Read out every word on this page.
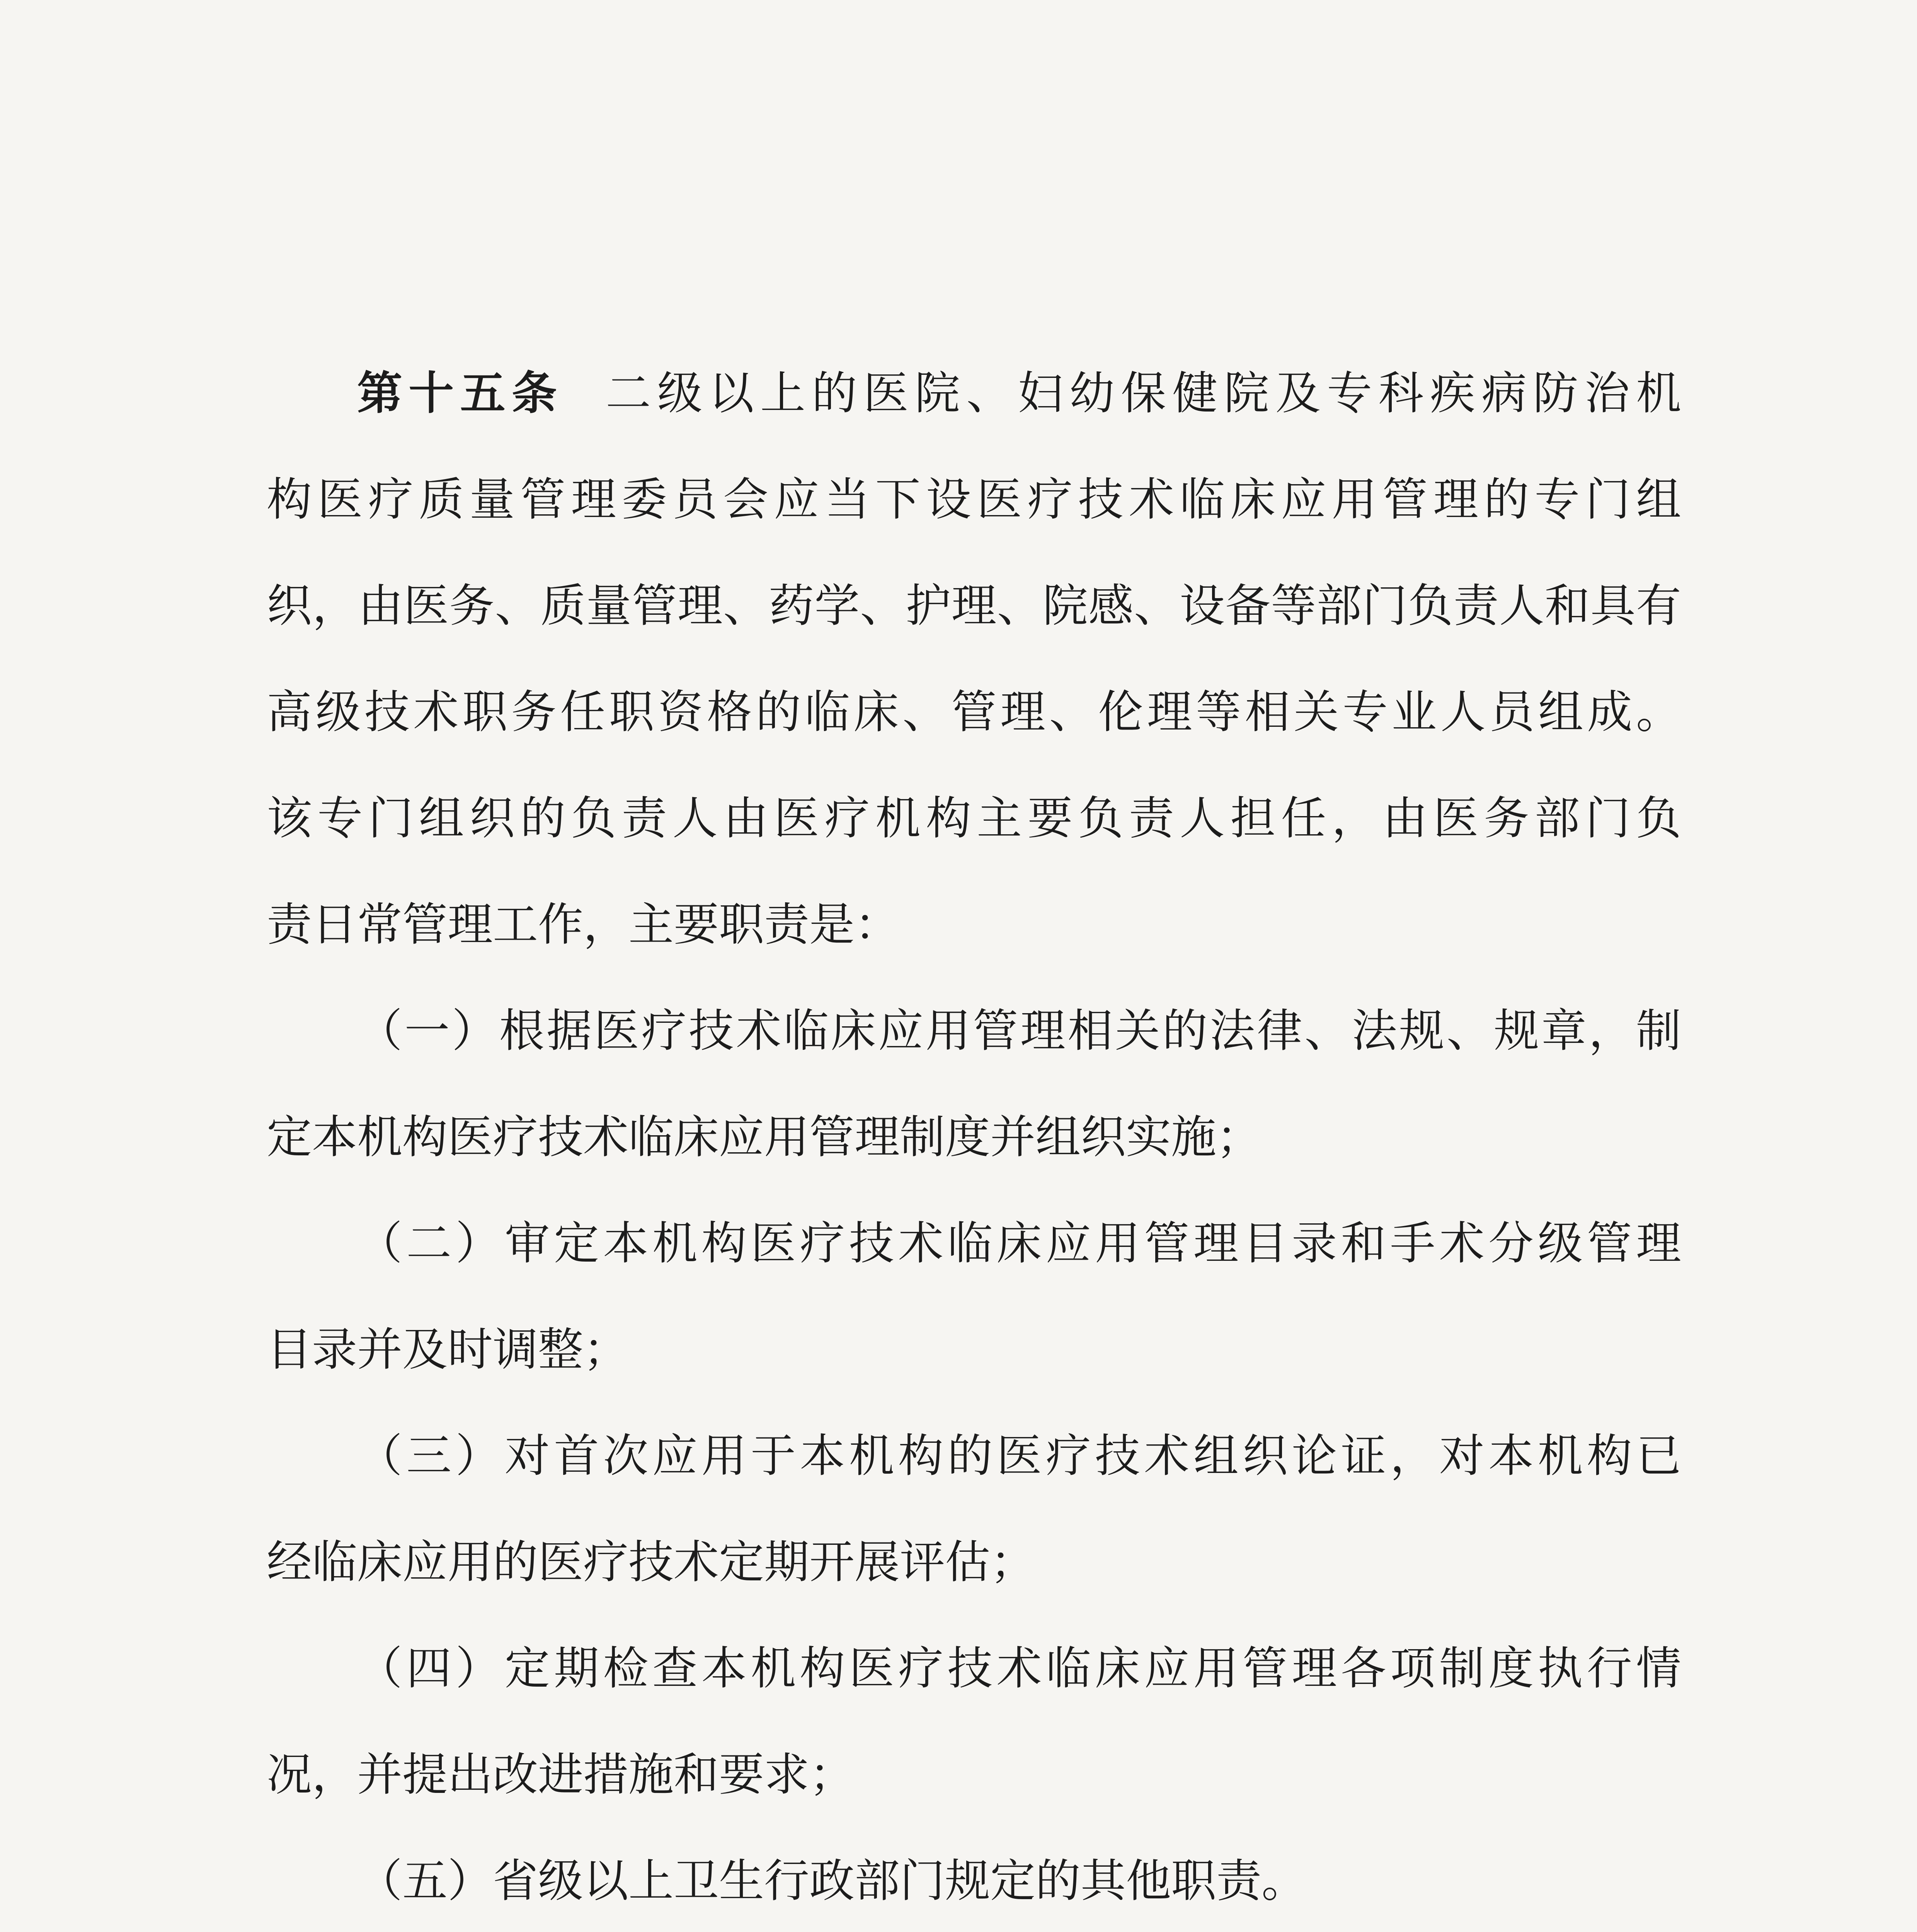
第十五条 二级以上的医院、妇幼保健院及专科疾病防治机
构医疗质量管理委员会应当下设医疗技术临床应用管理的专门组
织，由医务、质量管理、药学、护理、院感、设备等部门负责人和具有
高级技术职务任职资格的临床、管理、伦理等相关专业人员组成。
该专门组织的负责人由医疗机构主要负责人担任，由医务部门负
责日常管理工作，主要职责是：
（一）根据医疗技术临床应用管理相关的法律、法规、规章，制
定本机构医疗技术临床应用管理制度并组织实施；
（二）审定本机构医疗技术临床应用管理目录和手术分级管理
目录并及时调整；
（三）对首次应用于本机构的医疗技术组织论证，对本机构已
经临床应用的医疗技术定期开展评估；
（四）定期检查本机构医疗技术临床应用管理各项制度执行情
况，并提出改进措施和要求；
（五）省级以上卫生行政部门规定的其他职责。
